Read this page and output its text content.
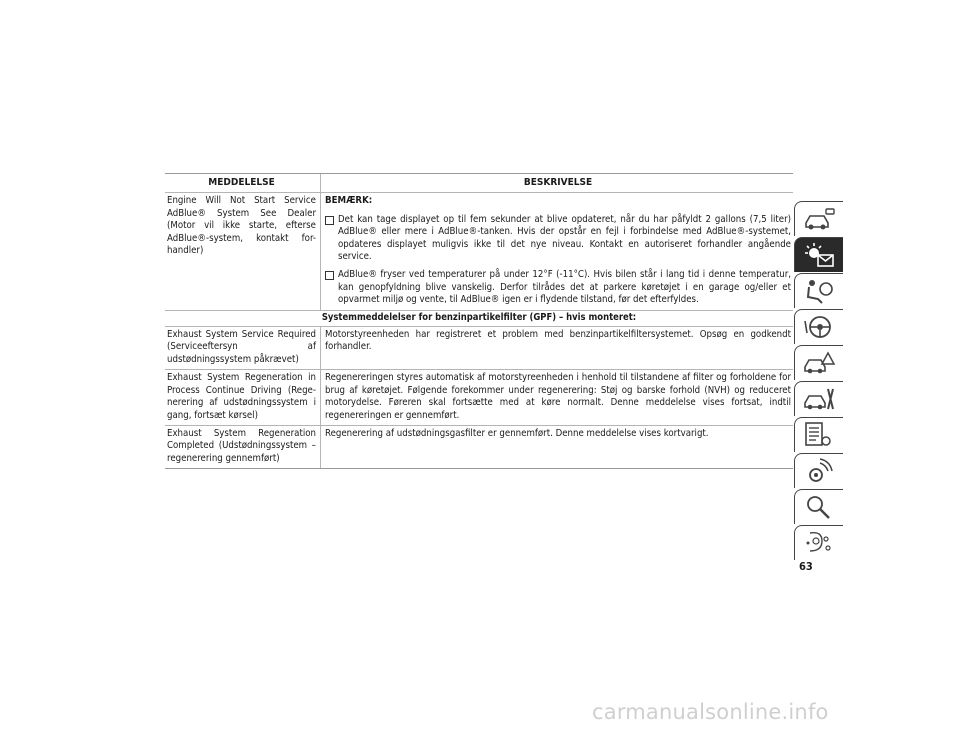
MEDDELELSE	BESKRIVELSE
Engine Will Not Start Service AdBlue® System See Dealer (Motor vil ikke starte, efterse AdBlue®-system, kontakt for-handler)
BEMÆRK:
Det kan tage displayet op til fem sekunder at blive opdateret, når du har påfyldt 2 gallons (7,5 liter) AdBlue® eller mere i AdBlue®-tanken. Hvis der opstår en fejl i forbindelse med AdBlue®-systemet, opdateres displayet muligvis ikke til det nye niveau. Kontakt en autoriseret forhandler angående service.
AdBlue® fryser ved temperaturer på under 12°F (-11°C). Hvis bilen står i lang tid i denne temperatur, kan genopfyldning blive vanskelig. Derfor tilrådes det at parkere køretøjet i en garage og/eller et opvarmet miljø og vente, til AdBlue® igen er i flydende tilstand, før det efterfyldes.
Systemmeddelelser for benzinpartikelfilter (GPF) – hvis monteret:
Exhaust System Service Required (Serviceeftersyn af udstødningssystem påkrævet)
Motorstyreenheden har registreret et problem med benzinpartikelfiltersystemet. Opsøg en godkendt forhandler.
Exhaust System Regeneration in Process Continue Driving (Rege-nerering af udstødningssystem i gang, fortsæt kørsel)
Regenereringen styres automatisk af motorstyreenheden i henhold til tilstandene af filter og forholdene for brug af køretøjet. Følgende forekommer under regenerering: Støj og barske forhold (NVH) og reduceret motorydelse. Føreren skal fortsætte med at køre normalt. Denne meddelelse vises fortsat, indtil regenereringen er gennemført.
Exhaust System Regeneration Completed (Udstødningssystem – regenerering gennemført)
Regenerering af udstødningsgasfilter er gennemført. Denne meddelelse vises kortvarigt.
63
carmanualsonline.info
